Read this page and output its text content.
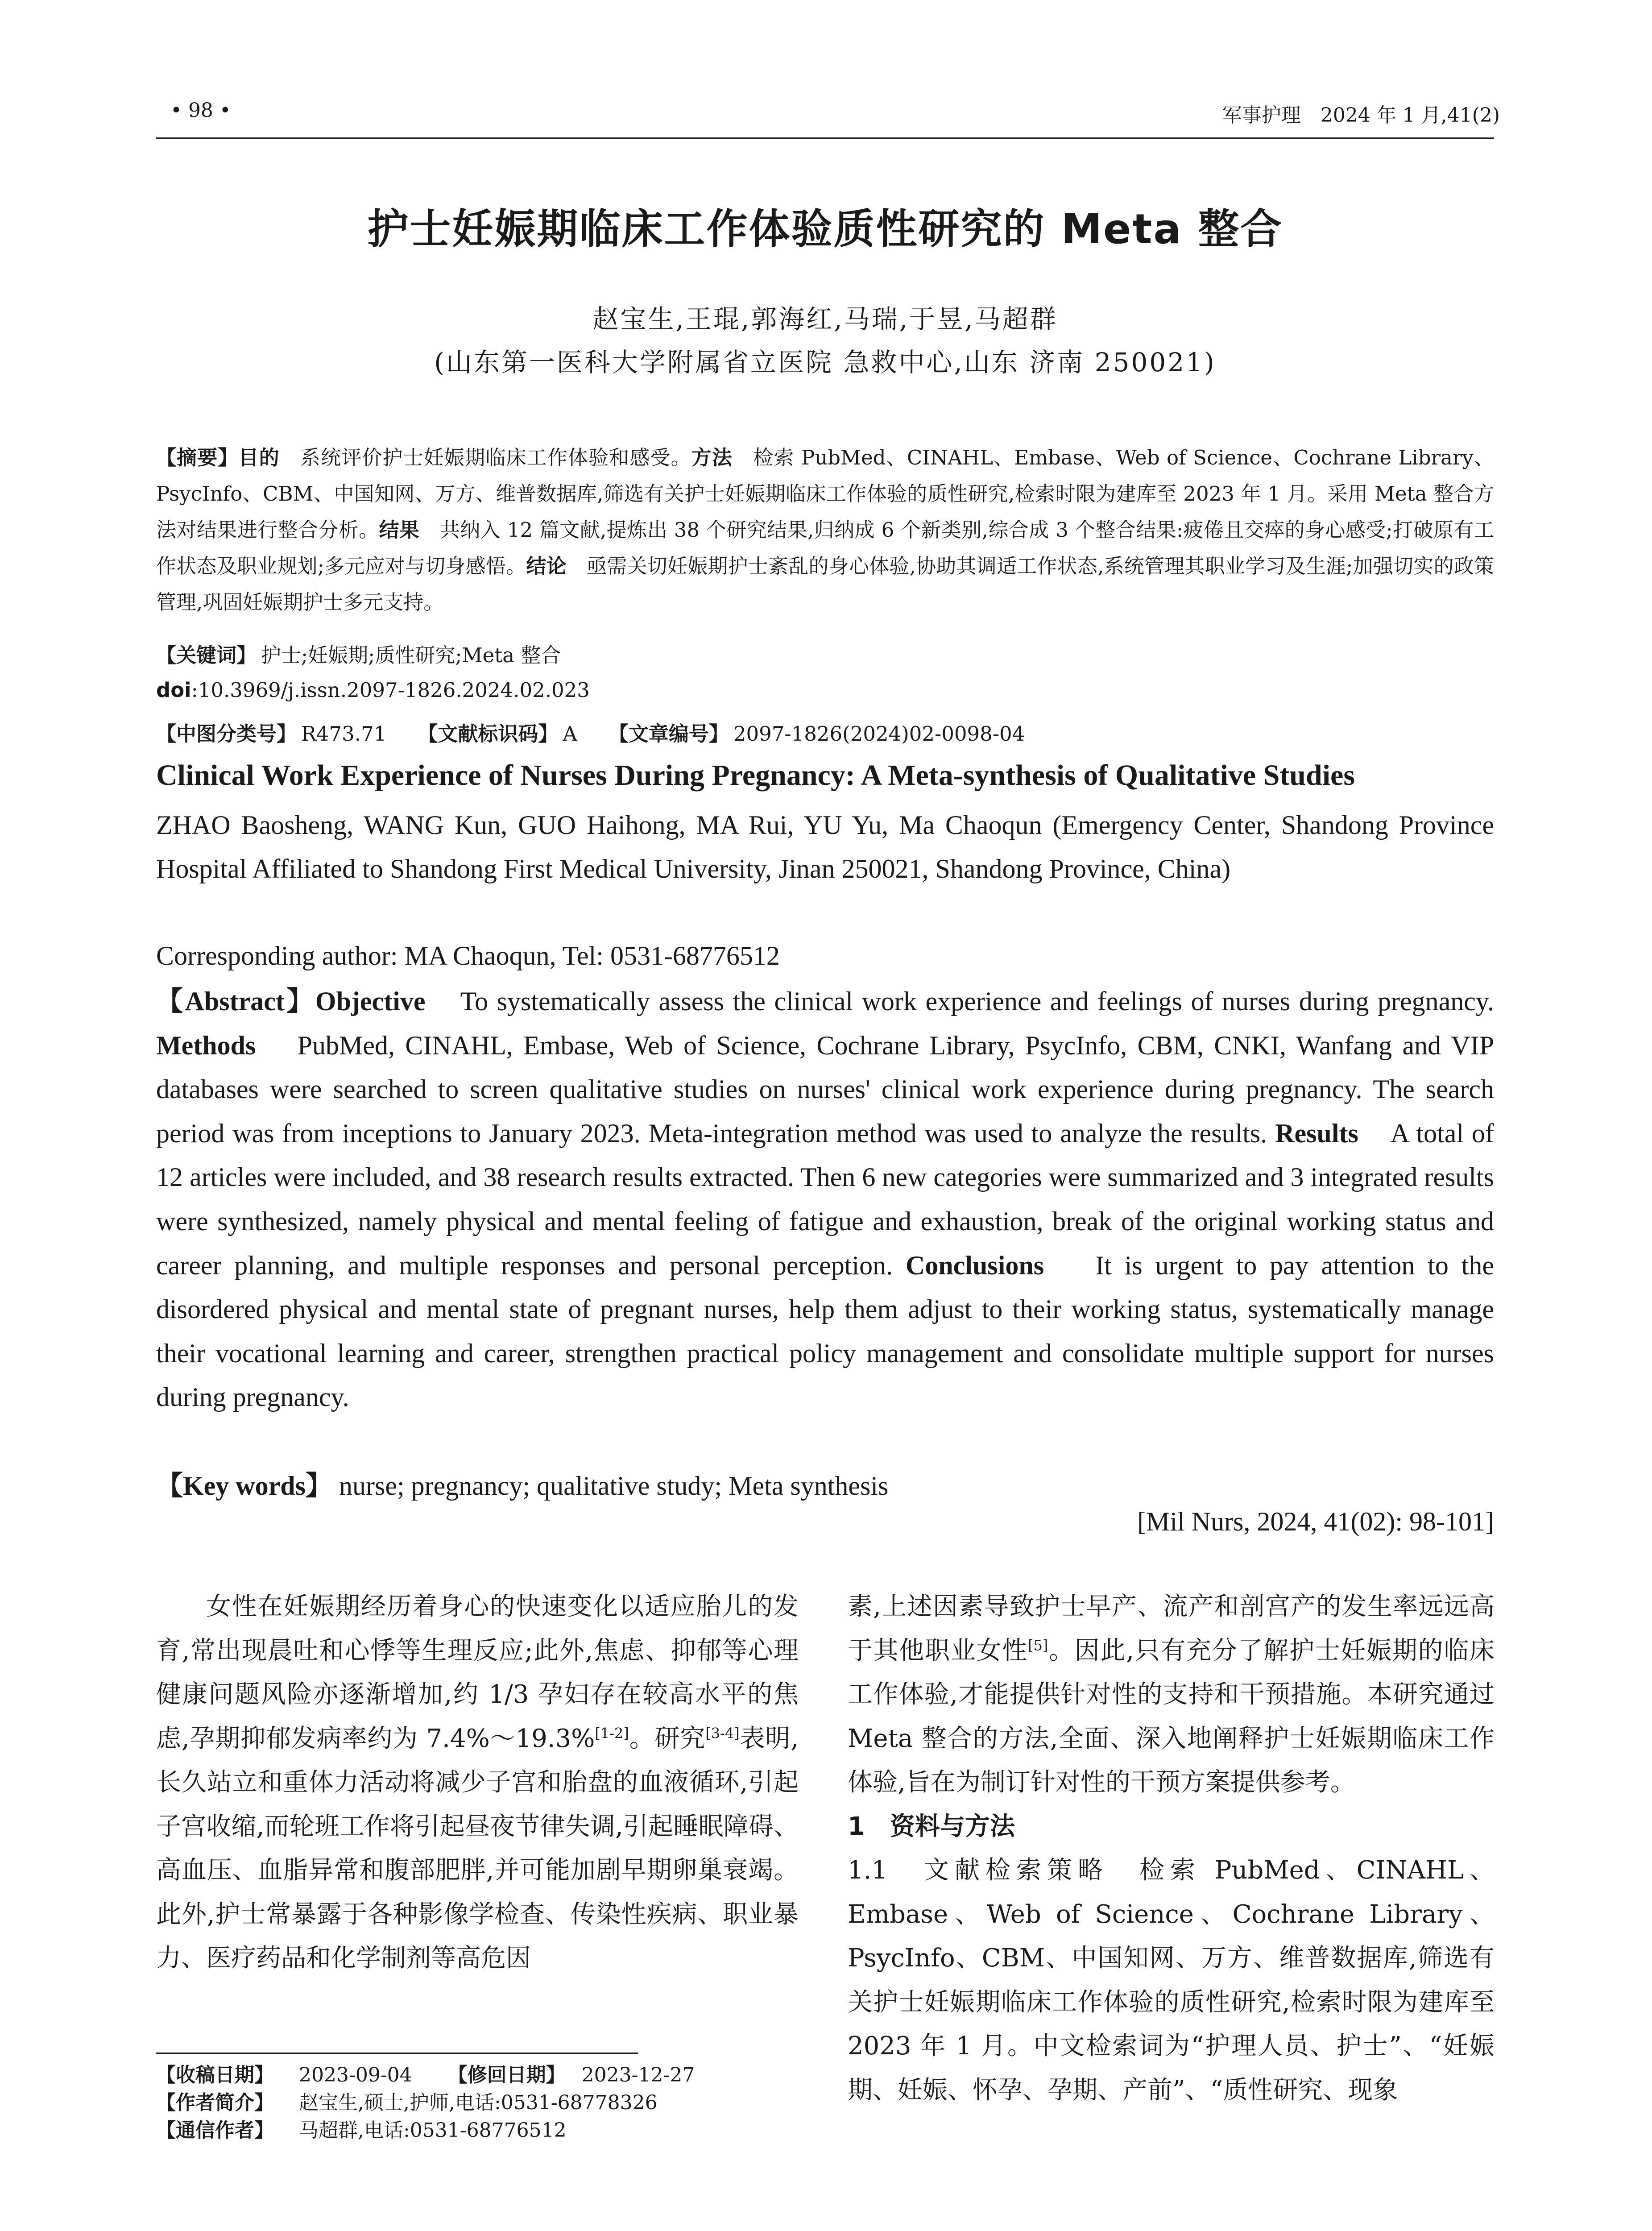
• 98 •	军事护理　2024 年 1 月,41(2)
护士妊娠期临床工作体验质性研究的 Meta 整合
赵宝生,王琨,郭海红,马瑞,于昱,马超群
(山东第一医科大学附属省立医院 急救中心,山东 济南 250021)
【摘要】目的　 系统评价护士妊娠期临床工作体验和感受。方法　 检索 PubMed、CINAHL、Embase、Web of Science、Cochrane Library、PsycInfo、CBM、中国知网、万方、维普数据库,筛选有关护士妊娠期临床工作体验的质性研究,检索时限为建库至 2023 年 1 月。采用 Meta 整合方法对结果进行整合分析。结果　 共纳入 12 篇文献,提炼出 38 个研究结果,归纳成 6 个新类别,综合成 3 个整合结果:疲倦且交瘁的身心感受;打破原有工作状态及职业规划;多元应对与切身感悟。结论　 亟需关切妊娠期护士紊乱的身心体验,协助其调适工作状态,系统管理其职业学习及生涯;加强切实的政策管理,巩固妊娠期护士多元支持。
【关键词】 护士;妊娠期;质性研究;Meta 整合
doi:10.3969/j.issn.2097-1826.2024.02.023
【中图分类号】 R473.71 【文献标识码】 A 【文章编号】 2097-1826(2024)02-0098-04
Clinical Work Experience of Nurses During Pregnancy: A Meta-synthesis of Qualitative Studies
ZHAO Baosheng, WANG Kun, GUO Haihong, MA Rui, YU Yu, Ma Chaoqun (Emergency Center, Shandong Province Hospital Affiliated to Shandong First Medical University, Jinan 250021, Shandong Province, China)
Corresponding author: MA Chaoqun, Tel: 0531-68776512
【Abstract】Objective To systematically assess the clinical work experience and feelings of nurses during pregnancy. Methods PubMed, CINAHL, Embase, Web of Science, Cochrane Library, PsycInfo, CBM, CNKI, Wanfang and VIP databases were searched to screen qualitative studies on nurses' clinical work experience during pregnancy. The search period was from inceptions to January 2023. Meta-integration method was used to analyze the results. Results A total of 12 articles were included, and 38 research results extracted. Then 6 new categories were summarized and 3 integrated results were synthesized, namely physical and mental feeling of fatigue and exhaustion, break of the original working status and career planning, and multiple responses and personal perception. Conclusions It is urgent to pay attention to the disordered physical and mental state of pregnant nurses, help them adjust to their working status, systematically manage their vocational learning and career, strengthen practical policy management and consolidate multiple support for nurses during pregnancy.
【Key words】 nurse; pregnancy; qualitative study; Meta synthesis
[Mil Nurs, 2024, 41(02): 98-101]

女性在妊娠期经历着身心的快速变化以适应胎儿的发育,常出现晨吐和心悸等生理反应;此外,焦虑、抑郁等心理健康问题风险亦逐渐增加,约 1/3 孕妇存在较高水平的焦虑,孕期抑郁发病率约为 7.4%～19.3%[1-2]。研究[3-4]表明,长久站立和重体力活动将减少子宫和胎盘的血液循环,引起子宫收缩,而轮班工作将引起昼夜节律失调,引起睡眠障碍、高血压、血脂异常和腹部肥胖,并可能加剧早期卵巢衰竭。此外,护士常暴露于各种影像学检查、传染性疾病、职业暴力、医疗药品和化学制剂等高危因

素,上述因素导致护士早产、流产和剖宫产的发生率远远高于其他职业女性[5]。因此,只有充分了解护士妊娠期的临床工作体验,才能提供针对性的支持和干预措施。本研究通过 Meta 整合的方法,全面、深入地阐释护士妊娠期临床工作体验,旨在为制订针对性的干预方案提供参考。

1　资料与方法

1.1　文献检索策略　检索 PubMed、CINAHL、Embase、Web of Science、Cochrane Library、PsycInfo、CBM、中国知网、万方、维普数据库,筛选有关护士妊娠期临床工作体验的质性研究,检索时限为建库至 2023 年 1 月。中文检索词为“护理人员、护士”、“妊娠期、妊娠、怀孕、孕期、产前”、“质性研究、现象

【收稿日期】 2023-09-04 【修回日期】 2023-12-27
【作者简介】 赵宝生,硕士,护师,电话:0531-68778326
【通信作者】 马超群,电话:0531-68776512
